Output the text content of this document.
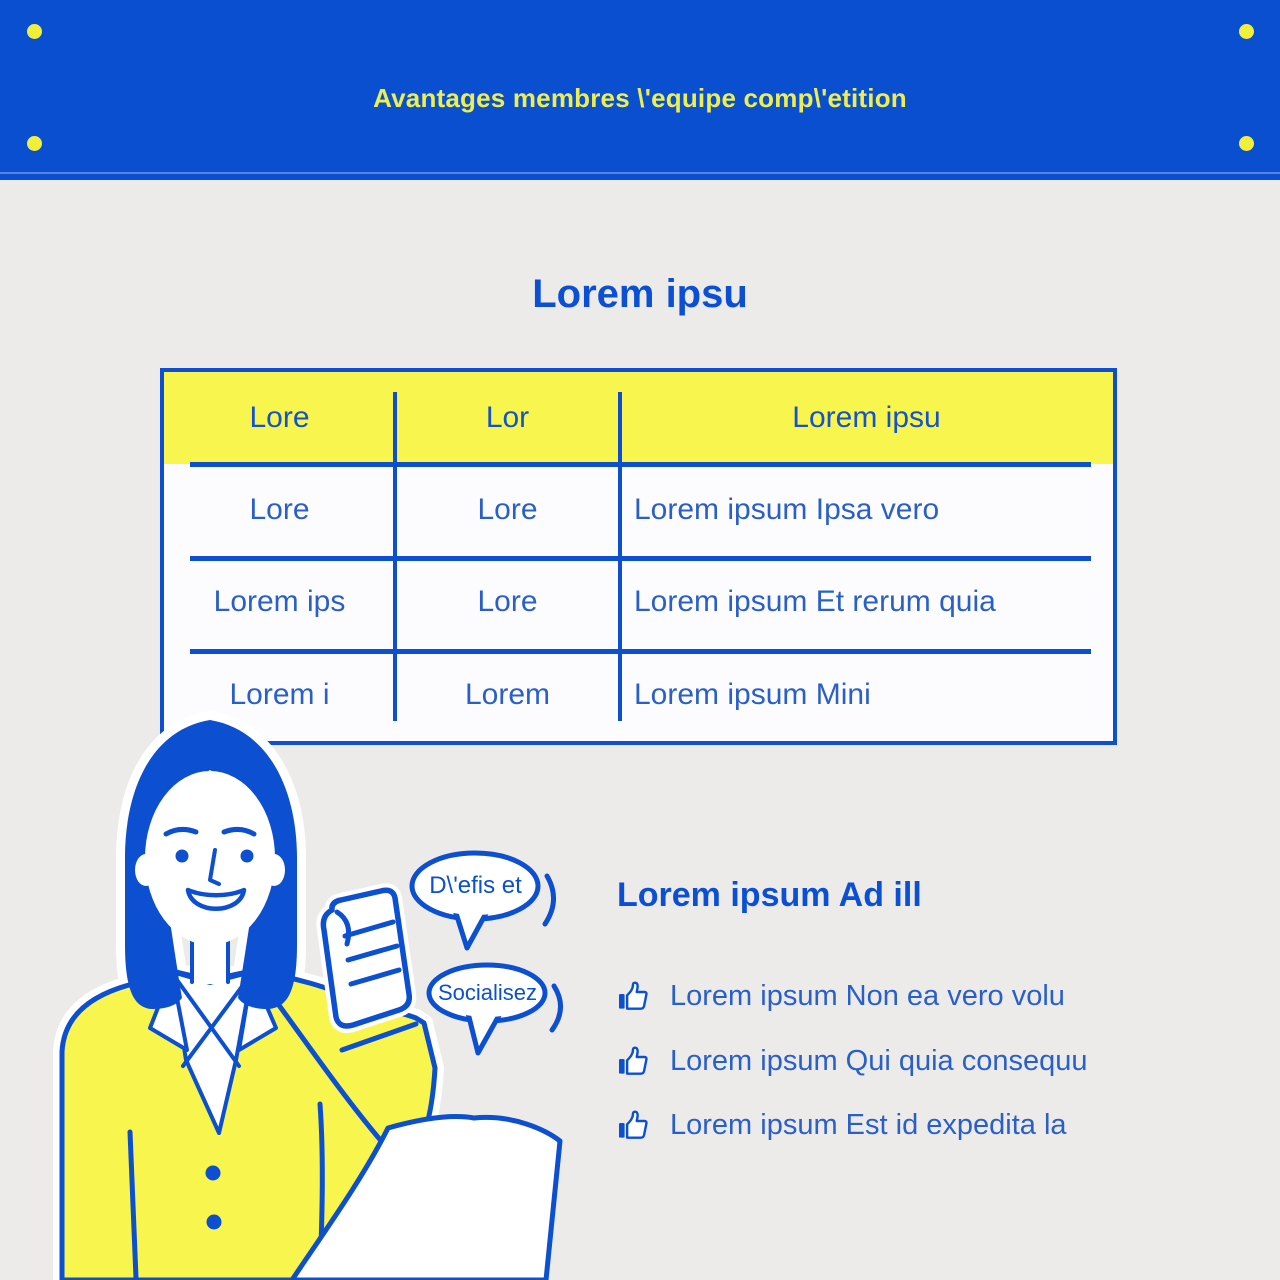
Avantages membres \'equipe comp\'etition
Lorem ipsu
Lore	Lor	Lorem ipsu
Lore	Lore	Lorem ipsum Ipsa vero
Lorem ips	Lore	Lorem ipsum Et rerum quia
Lorem i	Lorem	Lorem ipsum Mini
D\'efis et
Socialisez
Lorem ipsum Ad ill
Lorem ipsum Non ea vero volu
Lorem ipsum Qui quia consequu
Lorem ipsum Est id expedita la
